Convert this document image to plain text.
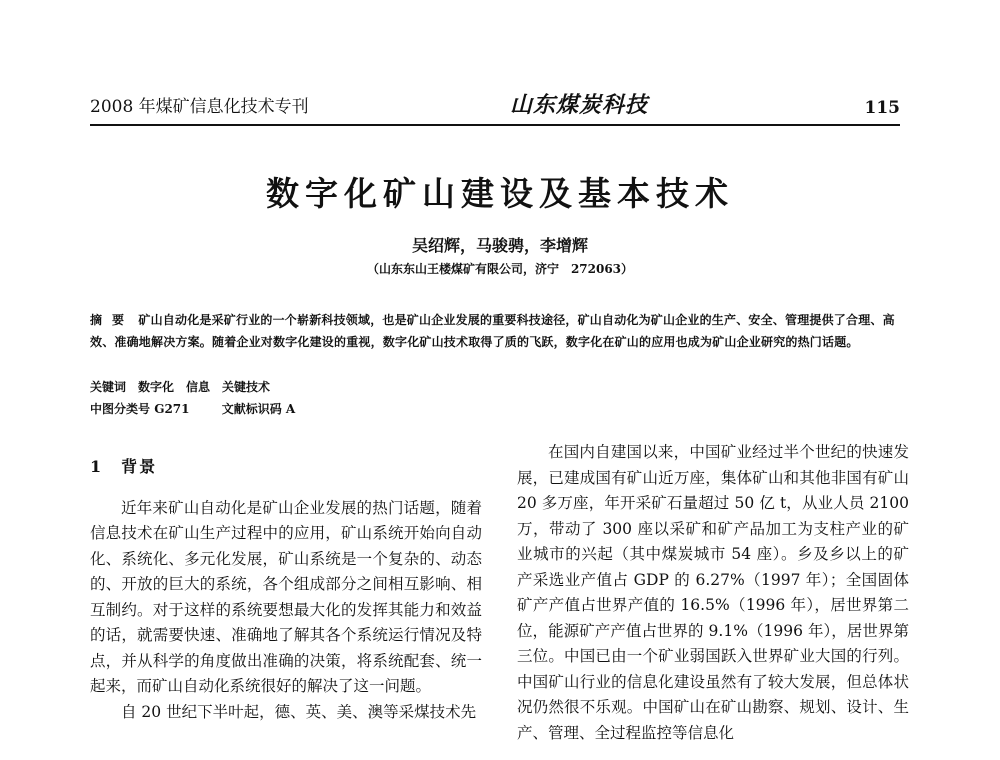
2008 年煤矿信息化技术专刊	山东煤炭科技	115
数字化矿山建设及基本技术
吴绍辉，马骏骋，李增辉
（山东东山王楼煤矿有限公司，济宁　272063）
摘要 矿山自动化是采矿行业的一个崭新科技领域，也是矿山企业发展的重要科技途径，矿山自动化为矿山企业的生产、安全、管理提供了合理、高效、准确地解决方案。随着企业对数字化建设的重视，数字化矿山技术取得了质的飞跃，数字化在矿山的应用也成为矿山企业研究的热门话题。
关键词 数字化　信息　关键技术
中图分类号 G271	文献标识码 A
1　背景

近年来矿山自动化是矿山企业发展的热门话题，随着信息技术在矿山生产过程中的应用，矿山系统开始向自动化、系统化、多元化发展，矿山系统是一个复杂的、动态的、开放的巨大的系统，各个组成部分之间相互影响、相互制约。对于这样的系统要想最大化的发挥其能力和效益的话，就需要快速、准确地了解其各个系统运行情况及特点，并从科学的角度做出准确的决策，将系统配套、统一起来，而矿山自动化系统很好的解决了这一问题。

自 20 世纪下半叶起，德、英、美、澳等采煤技术先

在国内自建国以来，中国矿业经过半个世纪的快速发展，已建成国有矿山近万座，集体矿山和其他非国有矿山 20 多万座，年开采矿石量超过 50 亿 t，从业人员 2100 万，带动了 300 座以采矿和矿产品加工为支柱产业的矿业城市的兴起（其中煤炭城市 54 座）。乡及乡以上的矿产采选业产值占 GDP 的 6.27%（1997 年）；全国固体矿产产值占世界产值的 16.5%（1996 年），居世界第二位，能源矿产产值占世界的 9.1%（1996 年），居世界第三位。中国已由一个矿业弱国跃入世界矿业大国的行列。中国矿山行业的信息化建设虽然有了较大发展，但总体状况仍然很不乐观。中国矿山在矿山勘察、规划、设计、生产、管理、全过程监控等信息化
